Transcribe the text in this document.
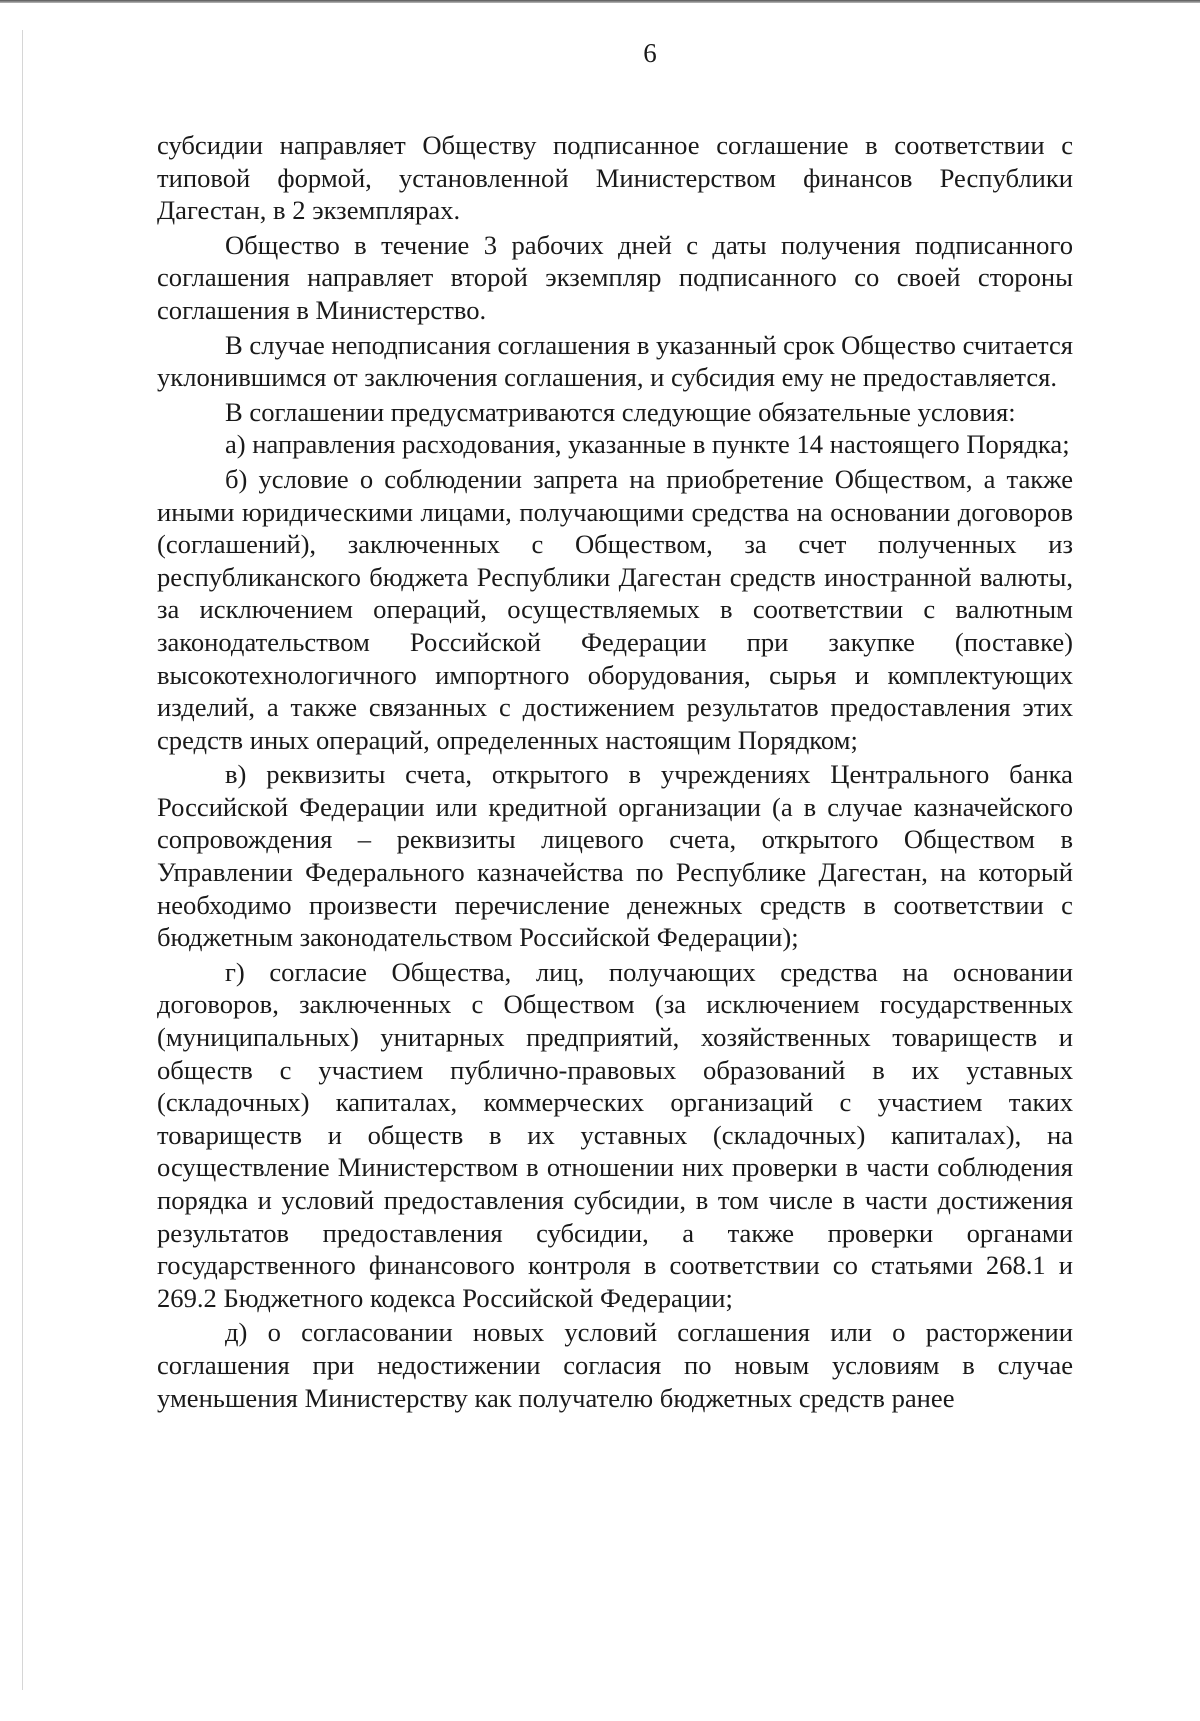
6

субсидии направляет Обществу подписанное соглашение в соответствии с типовой формой, установленной Министерством финансов Республики Дагестан, в 2 экземплярах.

Общество в течение 3 рабочих дней с даты получения подписанного соглашения направляет второй экземпляр подписанного со своей стороны соглашения в Министерство.

В случае неподписания соглашения в указанный срок Общество считается уклонившимся от заключения соглашения, и субсидия ему не предоставляется.

В соглашении предусматриваются следующие обязательные условия:

а) направления расходования, указанные в пункте 14 настоящего Порядка;

б) условие о соблюдении запрета на приобретение Обществом, а также иными юридическими лицами, получающими средства на основании договоров (соглашений), заключенных с Обществом, за счет полученных из республиканского бюджета Республики Дагестан средств иностранной валюты, за исключением операций, осуществляемых в соответствии с валютным законодательством Российской Федерации при закупке (поставке) высокотехнологичного импортного оборудования, сырья и комплектующих изделий, а также связанных с достижением результатов предоставления этих средств иных операций, определенных настоящим Порядком;

в) реквизиты счета, открытого в учреждениях Центрального банка Российской Федерации или кредитной организации (а в случае казначейского сопровождения – реквизиты лицевого счета, открытого Обществом в Управлении Федерального казначейства по Республике Дагестан, на который необходимо произвести перечисление денежных средств в соответствии с бюджетным законодательством Российской Федерации);

г) согласие Общества, лиц, получающих средства на основании договоров, заключенных с Обществом (за исключением государственных (муниципальных) унитарных предприятий, хозяйственных товариществ и обществ с участием публично-правовых образований в их уставных (складочных) капиталах, коммерческих организаций с участием таких товариществ и обществ в их уставных (складочных) капиталах), на осуществление Министерством в отношении них проверки в части соблюдения порядка и условий предоставления субсидии, в том числе в части достижения результатов предоставления субсидии, а также проверки органами государственного финансового контроля в соответствии со статьями 268.1 и 269.2 Бюджетного кодекса Российской Федерации;

д) о согласовании новых условий соглашения или о расторжении соглашения при недостижении согласия по новым условиям в случае уменьшения Министерству как получателю бюджетных средств ранее
